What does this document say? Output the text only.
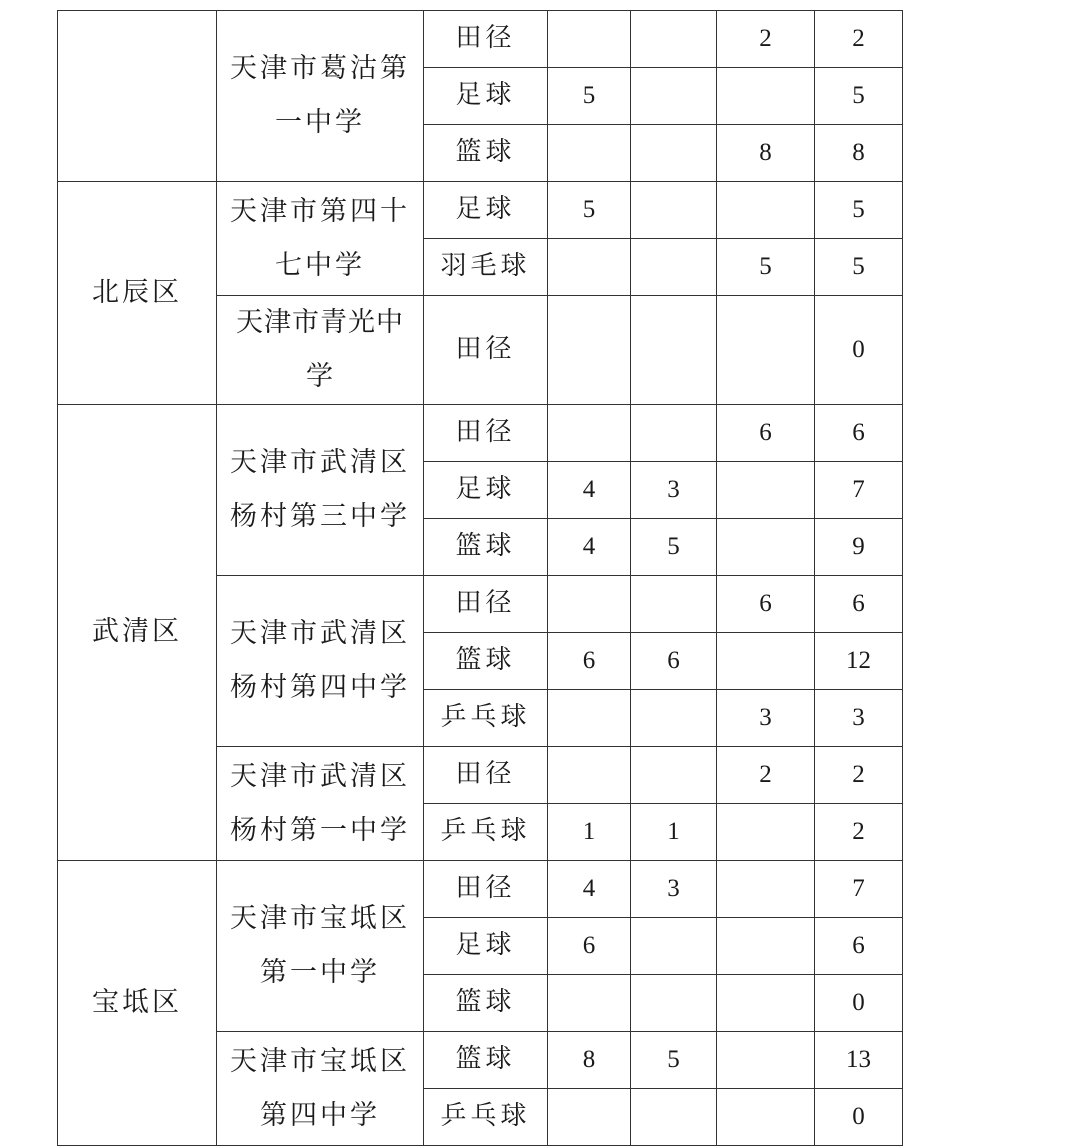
	天津市葛沽第一中学	田径			2	2
		足球	5			5
		篮球			8	8
北辰区	天津市第四十七中学	足球	5			5
		羽毛球			5	5
	天津市青光中学	田径				0
武清区	天津市武清区杨村第三中学	田径			6	6
		足球	4	3		7
		篮球	4	5		9
	天津市武清区杨村第四中学	田径			6	6
		篮球	6	6		12
		乒乓球			3	3
	天津市武清区杨村第一中学	田径			2	2
		乒乓球	1	1		2
宝坻区	天津市宝坻区第一中学	田径	4	3		7
		足球	6			6
		篮球				0
	天津市宝坻区第四中学	篮球	8	5		13
		乒乓球				0
